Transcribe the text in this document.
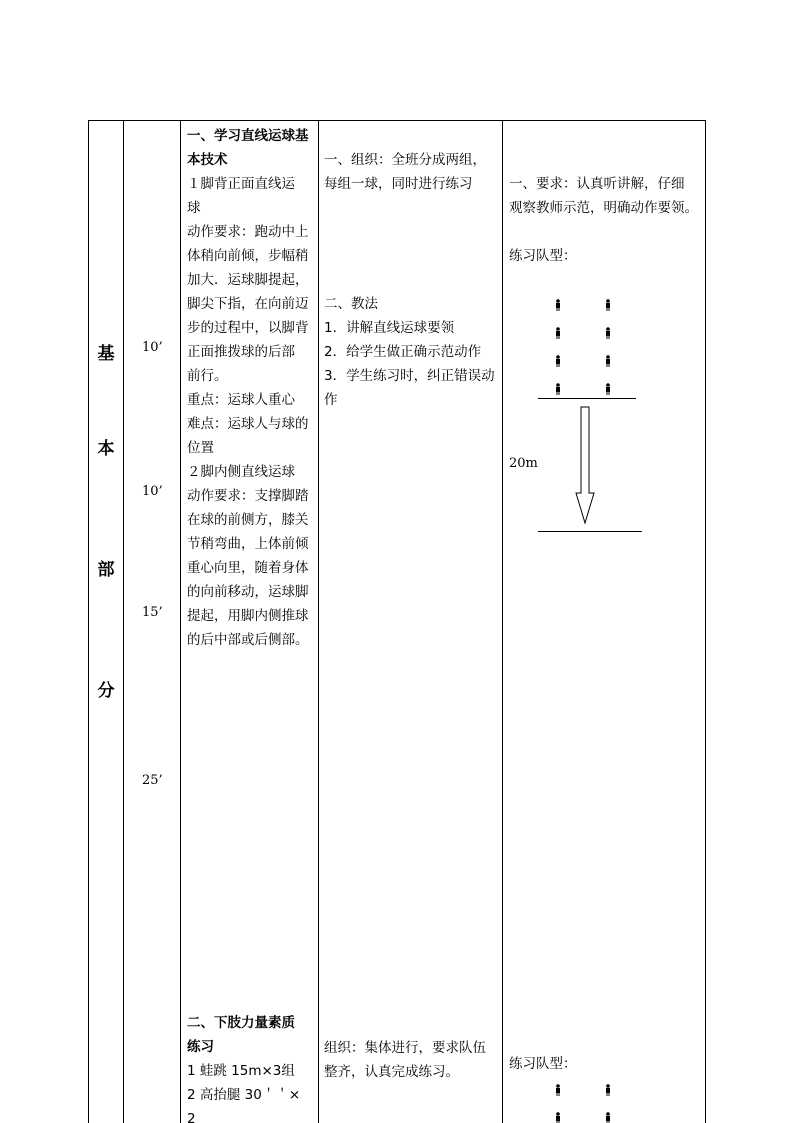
基
本
部
分
10’
10’
15’
25’

一、学习直线运球基

本技术

１脚背正面直线运

球

动作要求：跑动中上

体稍向前倾，步幅稍

加大．运球脚提起，

脚尖下指，在向前迈

步的过程中，以脚背

正面推拨球的后部

前行。

重点：运球人重心

难点：运球人与球的

位置

２脚内侧直线运球

动作要求：支撑脚踏

在球的前侧方，膝关

节稍弯曲，上体前倾

重心向里，随着身体

的向前移动，运球脚

提起，用脚内侧推球

的后中部或后侧部。

二、下肢力量素质

练习

1 蛙跳 15m×3组

2 高抬腿 30＇＇×

2

一、组织：全班分成两组，

每组一球，同时进行练习

二、教法

1．讲解直线运球要领

2．给学生做正确示范动作

3．学生练习时，纠正错误动

作

组织：集体进行，要求队伍

整齐，认真完成练习。

一、要求：认真听讲解，仔细

观察教师示范，明确动作要领。

练习队型：

20m

练习队型：
